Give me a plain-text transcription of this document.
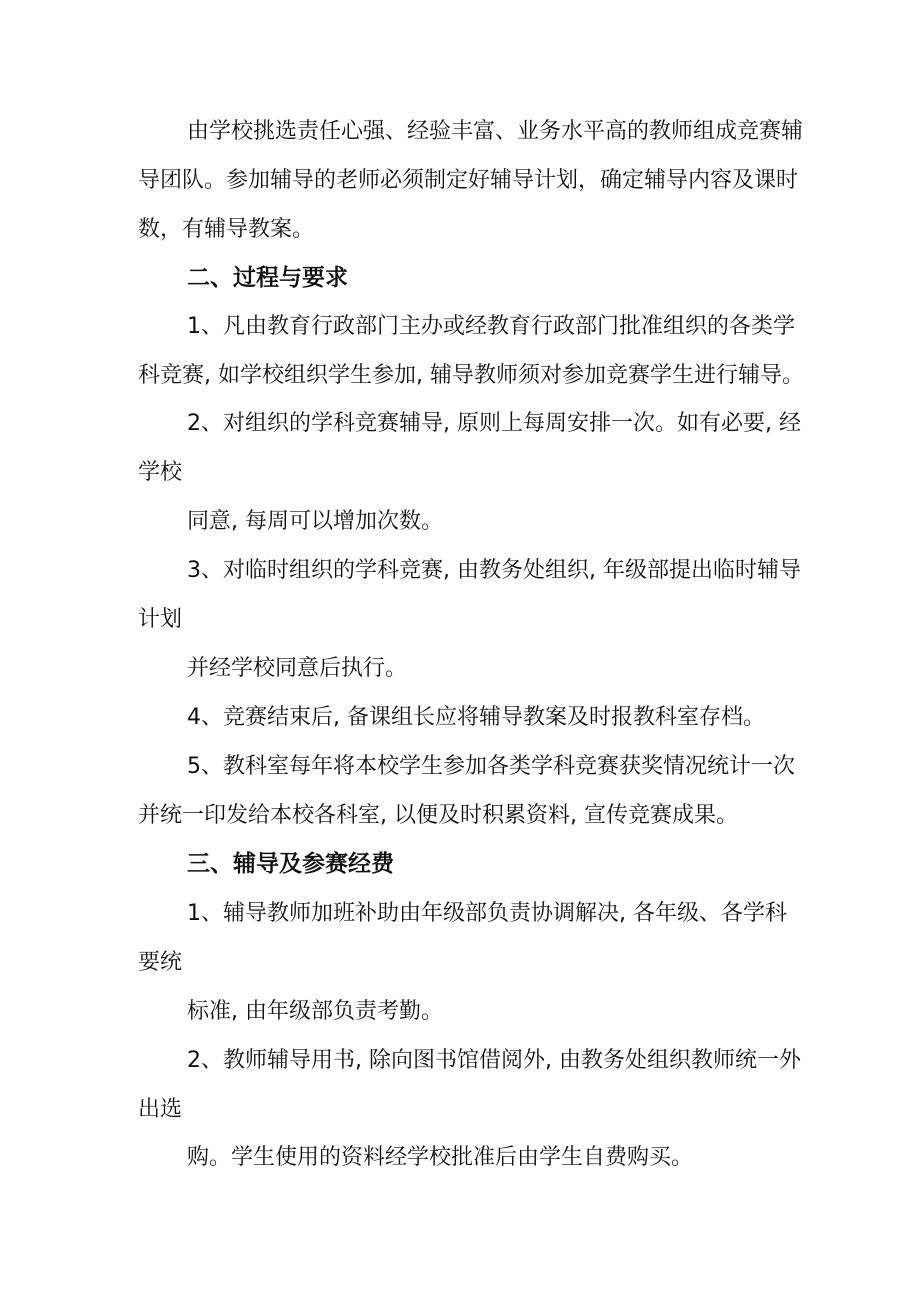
由学校挑选责任心强、经验丰富、业务水平高的教师组成竞赛辅
导团队。参加辅导的老师必须制定好辅导计划，确定辅导内容及课时
数，有辅导教案。
二、过程与要求
1、凡由教育行政部门主办或经教育行政部门批准组织的各类学
科竞赛, 如学校组织学生参加, 辅导教师须对参加竞赛学生进行辅导。
2、对组织的学科竞赛辅导, 原则上每周安排一次。如有必要, 经
学校
同意, 每周可以增加次数。
3、对临时组织的学科竞赛, 由教务处组织, 年级部提出临时辅导
计划
并经学校同意后执行。
4、竞赛结束后, 备课组长应将辅导教案及时报教科室存档。
5、教科室每年将本校学生参加各类学科竞赛获奖情况统计一次
并统一印发给本校各科室, 以便及时积累资料, 宣传竞赛成果。
三、辅导及参赛经费
1、辅导教师加班补助由年级部负责协调解决, 各年级、各学科
要统
标准, 由年级部负责考勤。
2、教师辅导用书, 除向图书馆借阅外, 由教务处组织教师统一外
出选
购。学生使用的资料经学校批准后由学生自费购买。
